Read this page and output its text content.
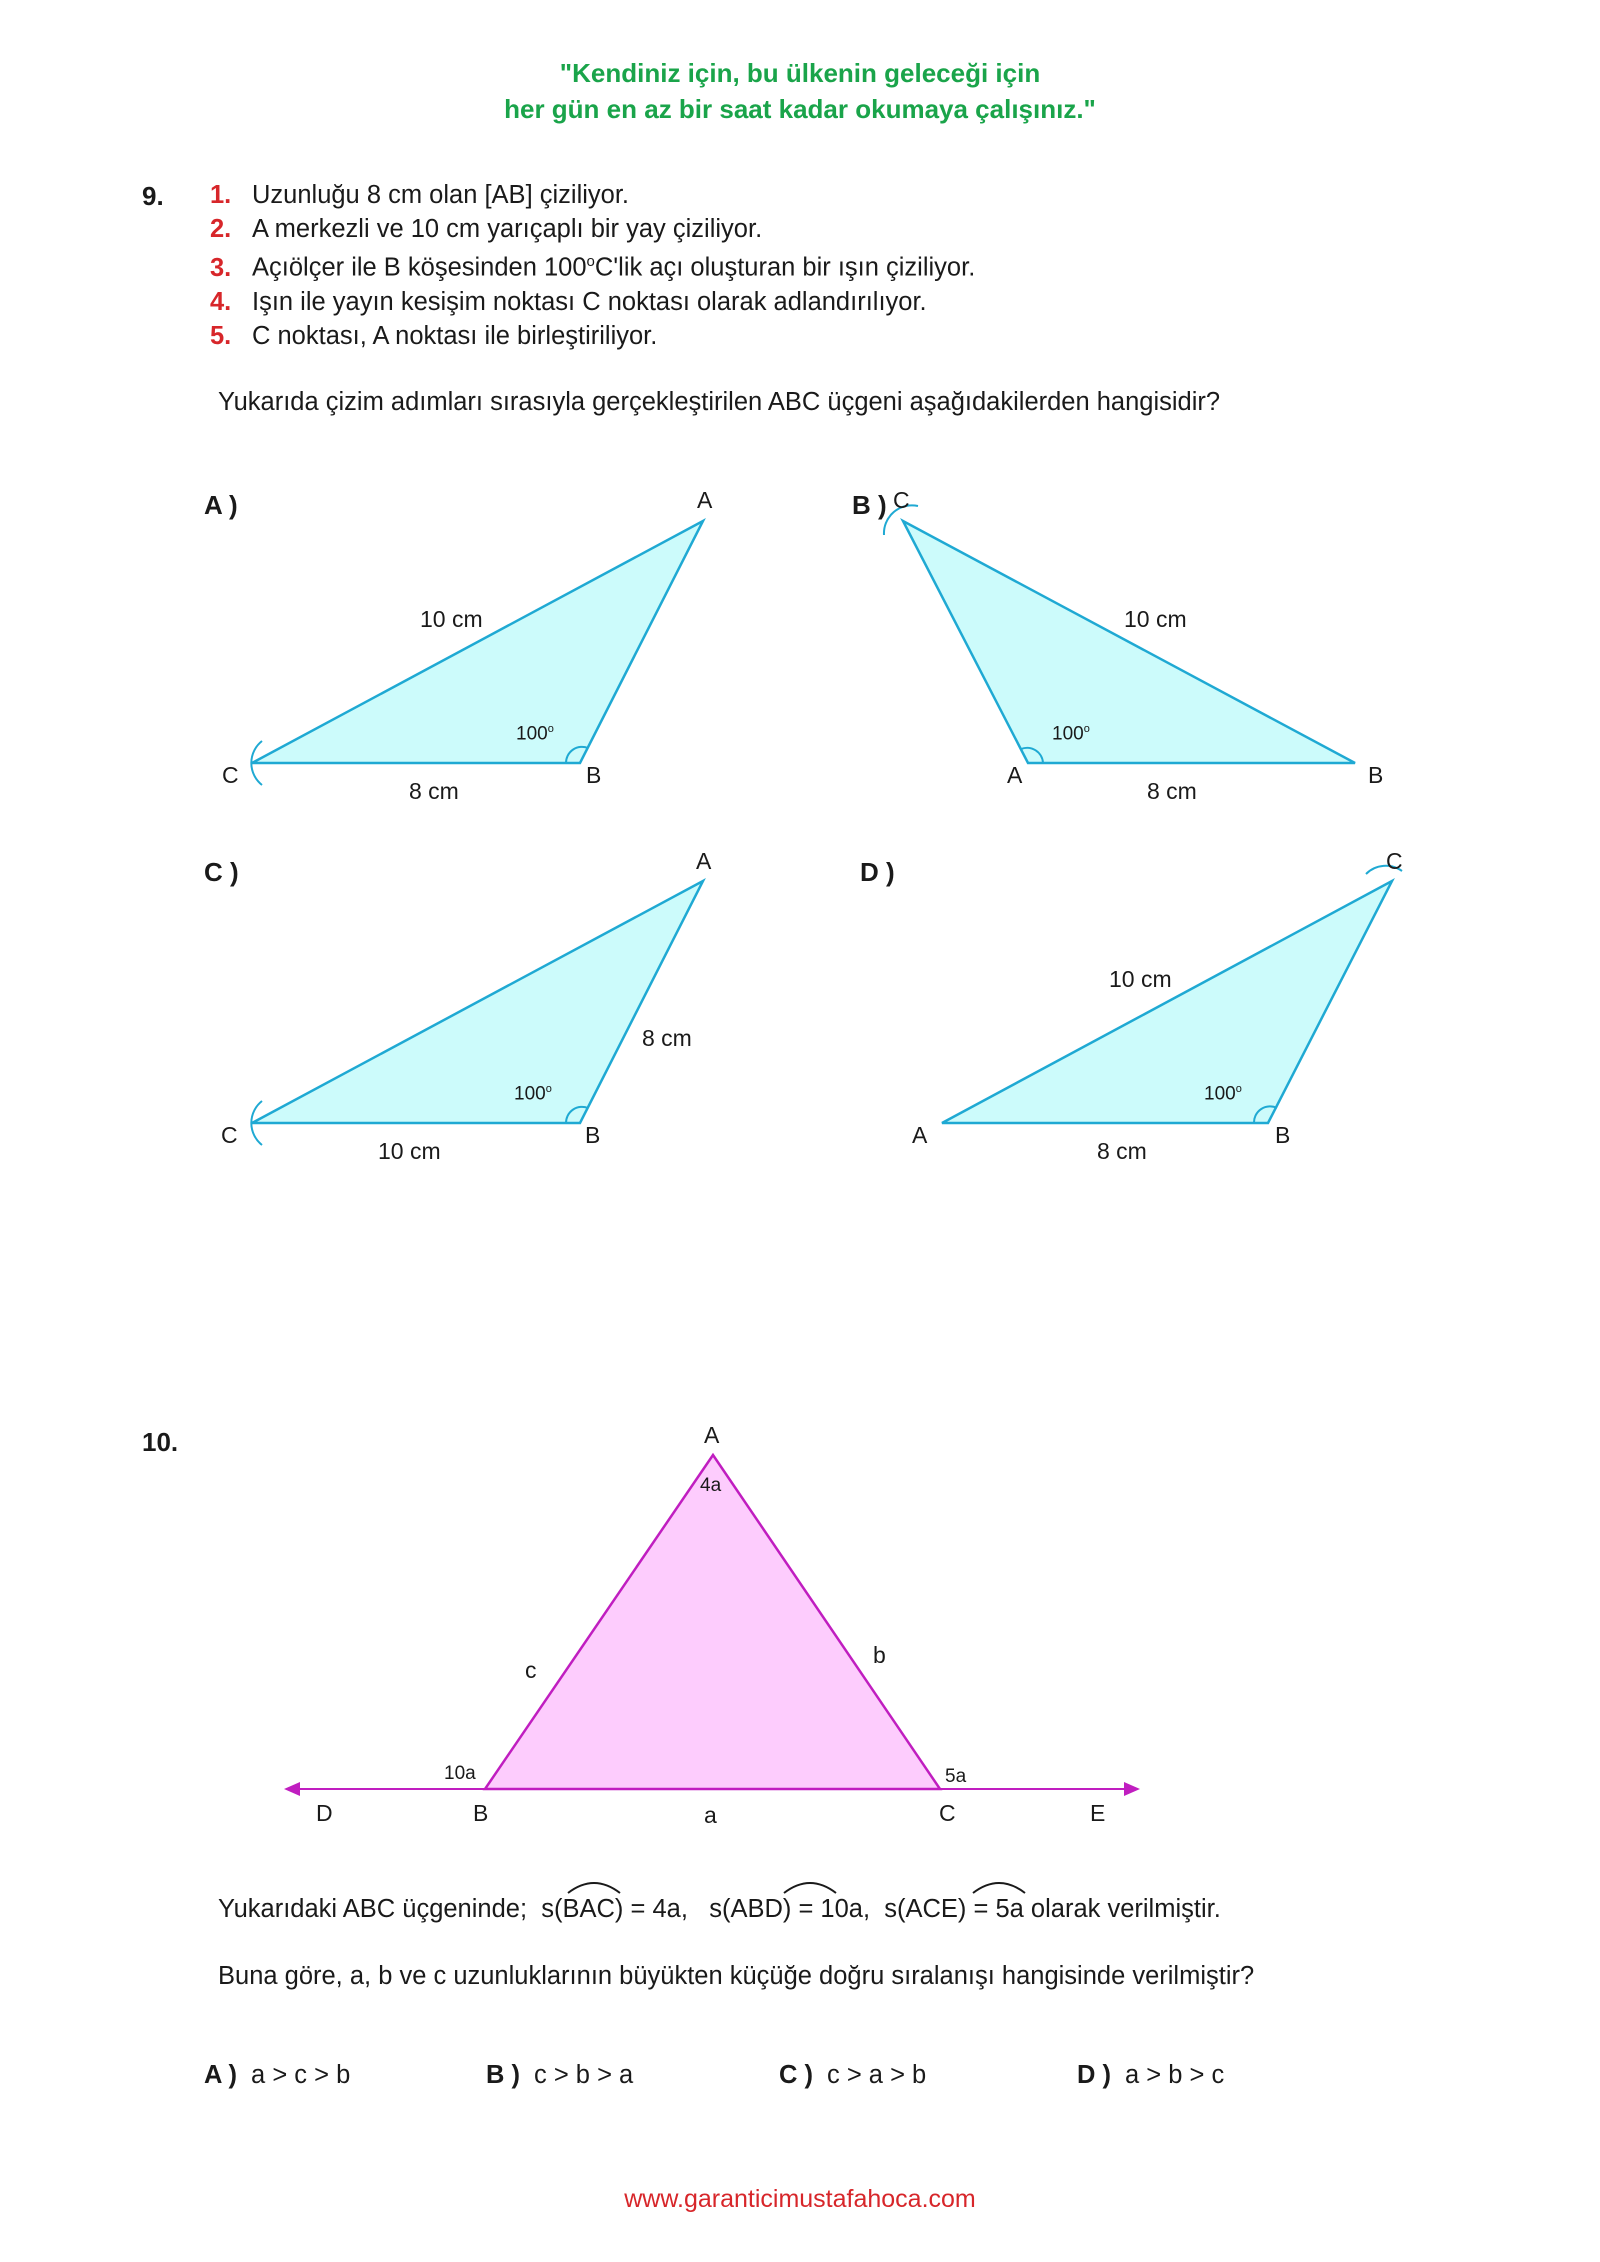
"Kendiniz için, bu ülkenin geleceği için
her gün en az bir saat kadar okumaya çalışınız."
9. 1. Uzunluğu 8 cm olan [AB] çiziliyor.
2. A merkezli ve 10 cm yarıçaplı bir yay çiziliyor.
3. Açıölçer ile B köşesinden 100$^o$C'lik açı oluşturan bir ışın çiziliyor.
4. Işın ile yayın kesişim noktası C noktası olarak adlandırılıyor.
5. C noktası, A noktası ile birleştiriliyor.
Yukarıda çizim adımları sırasıyla gerçekleştirilen ABC üçgeni aşağıdakilerden hangisidir?
A )	A
C	B
10 cm
8 cm
100$^o$
B ) C
A	B
10 cm
8 cm
100$^o$
C )	A
C	B
8 cm
10 cm
100$^o$
D )	C
A	B
10 cm
8 cm
100$^o$
10.	A
4a
c
b
10a	5a
D	B	a	C	E
Yukarıdaki ABC üçgeninde; s(BAC) = 4a, s(ABD) = 10a, s(ACE) = 5a olarak verilmiştir.
Buna göre, a, b ve c uzunluklarının büyükten küçüğe doğru sıralanışı hangisinde verilmiştir?
A ) a > c > b	B ) c > b > a	C ) c > a > b	D ) a > b > c
www.garanticimustafahoca.com
